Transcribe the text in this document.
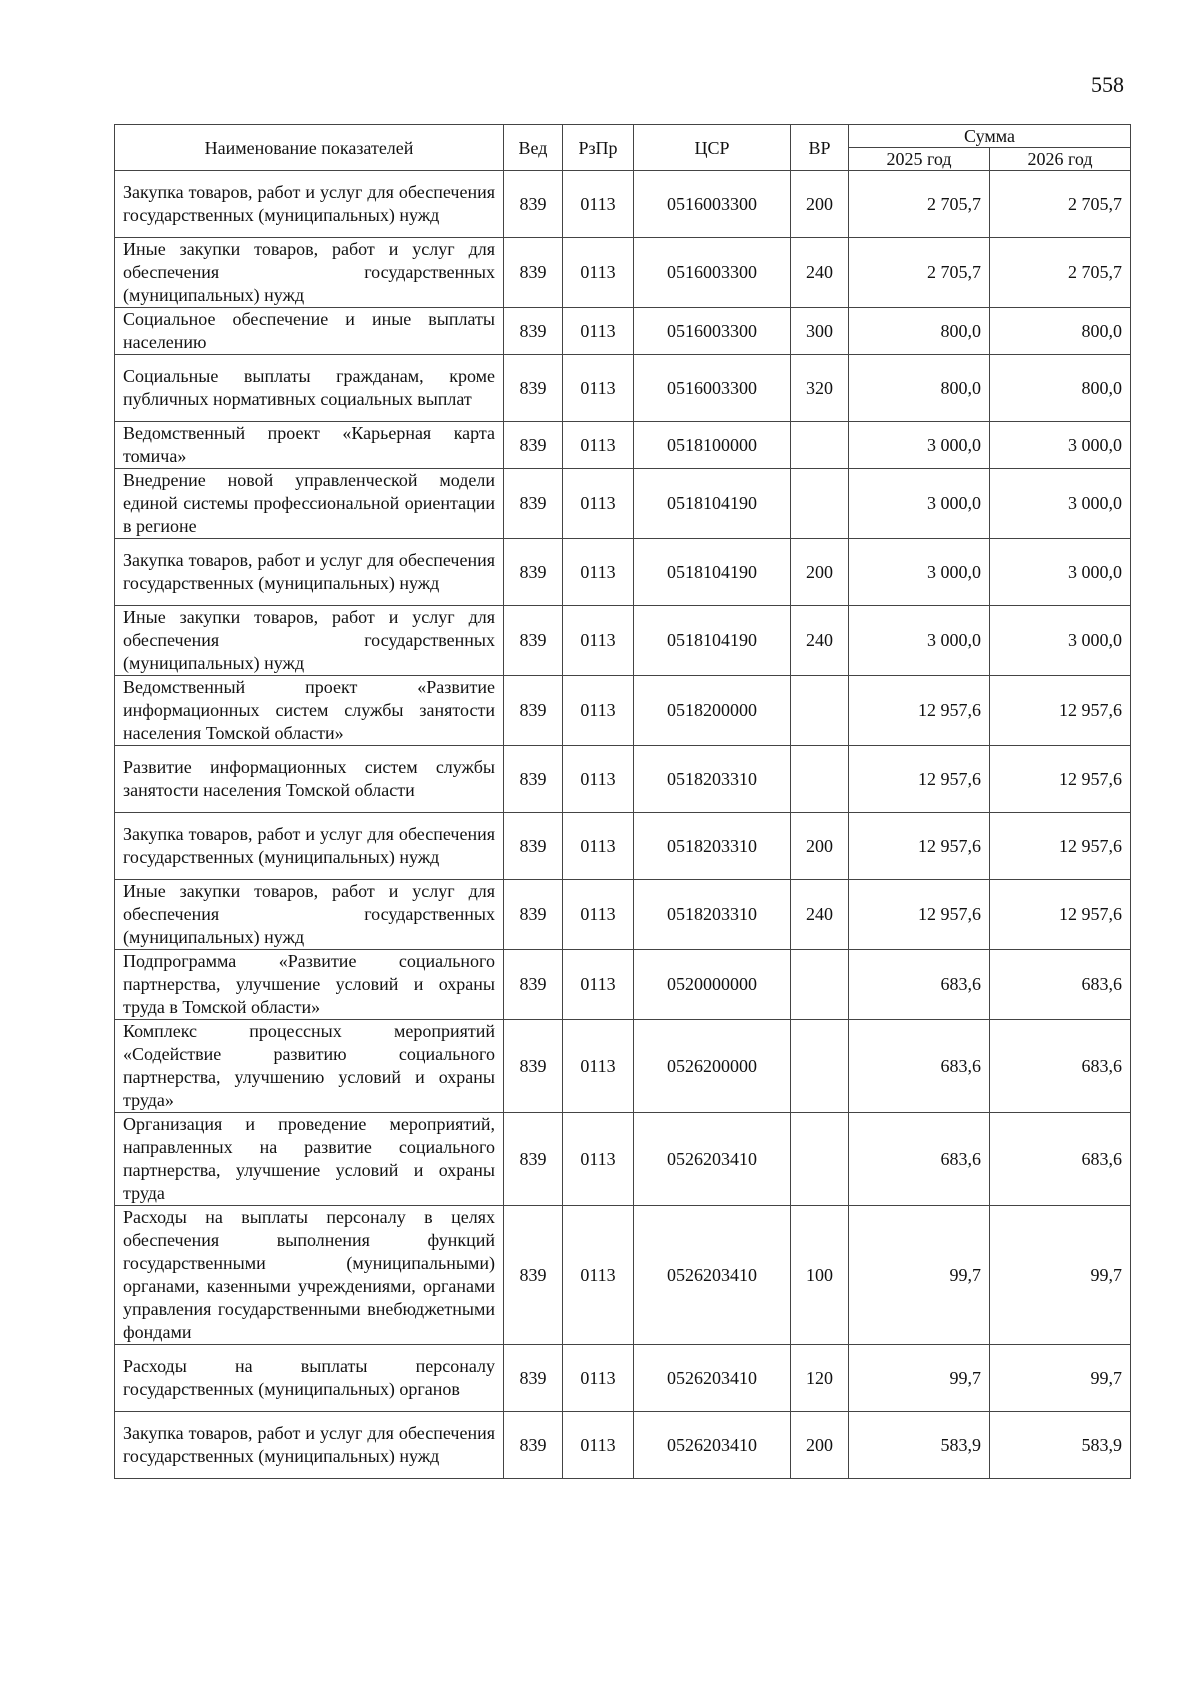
558
Наименование показателей	Вед	РзПр	ЦСР	ВР	Сумма	
					2025 год	2026 год
Закупка товаров, работ и услуг для обеспечения государственных (муниципальных) нужд	839	0113	0516003300	200	2 705,7	2 705,7
Иные закупки товаров, работ и услуг для обеспечения государственных (муниципальных) нужд	839	0113	0516003300	240	2 705,7	2 705,7
Социальное обеспечение и иные выплаты населению	839	0113	0516003300	300	800,0	800,0
Социальные выплаты гражданам, кроме публичных нормативных социальных выплат	839	0113	0516003300	320	800,0	800,0
Ведомственный проект «Карьерная карта томича»	839	0113	0518100000		3 000,0	3 000,0
Внедрение новой управленческой модели единой системы профессиональной ориентации в регионе	839	0113	0518104190		3 000,0	3 000,0
Закупка товаров, работ и услуг для обеспечения государственных (муниципальных) нужд	839	0113	0518104190	200	3 000,0	3 000,0
Иные закупки товаров, работ и услуг для обеспечения государственных (муниципальных) нужд	839	0113	0518104190	240	3 000,0	3 000,0
Ведомственный проект «Развитие информационных систем службы занятости населения Томской области»	839	0113	0518200000		12 957,6	12 957,6
Развитие информационных систем службы занятости населения Томской области	839	0113	0518203310		12 957,6	12 957,6
Закупка товаров, работ и услуг для обеспечения государственных (муниципальных) нужд	839	0113	0518203310	200	12 957,6	12 957,6
Иные закупки товаров, работ и услуг для обеспечения государственных (муниципальных) нужд	839	0113	0518203310	240	12 957,6	12 957,6
Подпрограмма «Развитие социального партнерства, улучшение условий и охраны труда в Томской области»	839	0113	0520000000		683,6	683,6
Комплекс процессных мероприятий «Содействие развитию социального партнерства, улучшению условий и охраны труда»	839	0113	0526200000		683,6	683,6
Организация и проведение мероприятий, направленных на развитие социального партнерства, улучшение условий и охраны труда	839	0113	0526203410		683,6	683,6
Расходы на выплаты персоналу в целях обеспечения выполнения функций государственными (муниципальными) органами, казенными учреждениями, органами управления государственными внебюджетными фондами	839	0113	0526203410	100	99,7	99,7
Расходы на выплаты персоналу государственных (муниципальных) органов	839	0113	0526203410	120	99,7	99,7
Закупка товаров, работ и услуг для обеспечения государственных (муниципальных) нужд	839	0113	0526203410	200	583,9	583,9
